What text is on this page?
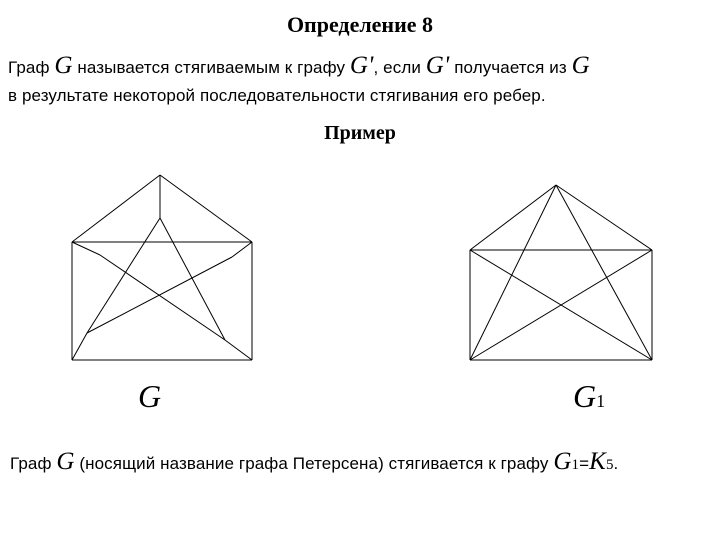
Определение 8
Граф G называется стягиваемым к графу G', если G' получается из G
в результате некоторой последовательности стягивания его ребер.
Пример
G	G1
Граф G (носящий название графа Петерсена) стягивается к графу G1=K5.
